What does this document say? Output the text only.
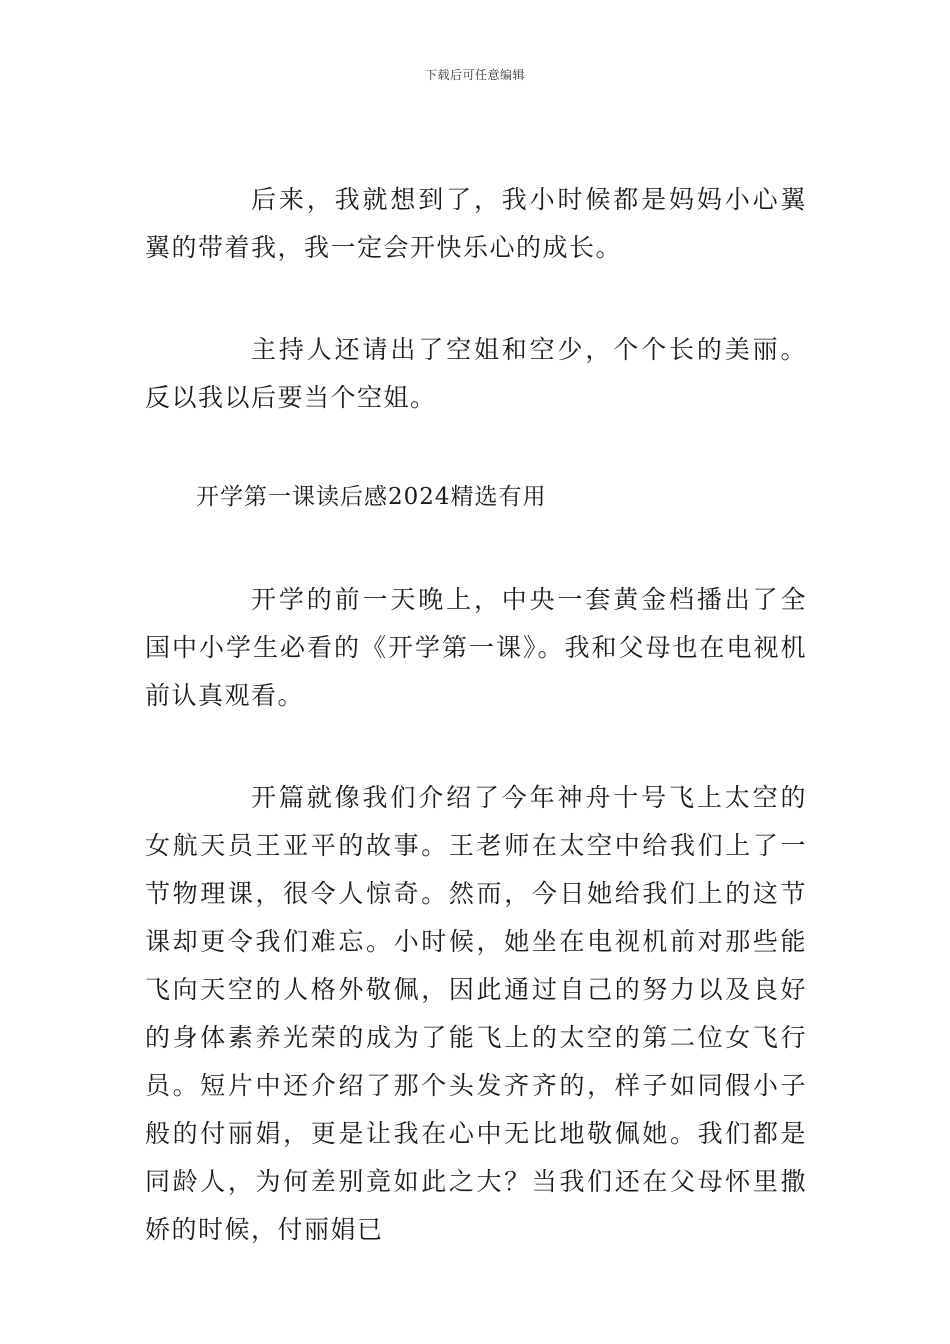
下载后可任意编辑

后来，我就想到了，我小时候都是妈妈小心翼翼的带着我，我一定会开快乐心的成长。

主持人还请出了空姐和空少，个个长的美丽。反以我以后要当个空姐。

开学第一课读后感2024精选有用

开学的前一天晚上，中央一套黄金档播出了全国中小学生必看的《开学第一课》。我和父母也在电视机前认真观看。

开篇就像我们介绍了今年神舟十号飞上太空的女航天员王亚平的故事。王老师在太空中给我们上了一节物理课，很令人惊奇。然而，今日她给我们上的这节课却更令我们难忘。小时候，她坐在电视机前对那些能飞向天空的人格外敬佩，因此通过自己的努力以及良好的身体素养光荣的成为了能飞上的太空的第二位女飞行员。短片中还介绍了那个头发齐齐的，样子如同假小子般的付丽娟，更是让我在心中无比地敬佩她。我们都是同龄人，为何差别竟如此之大？当我们还在父母怀里撒娇的时候，付丽娟已
